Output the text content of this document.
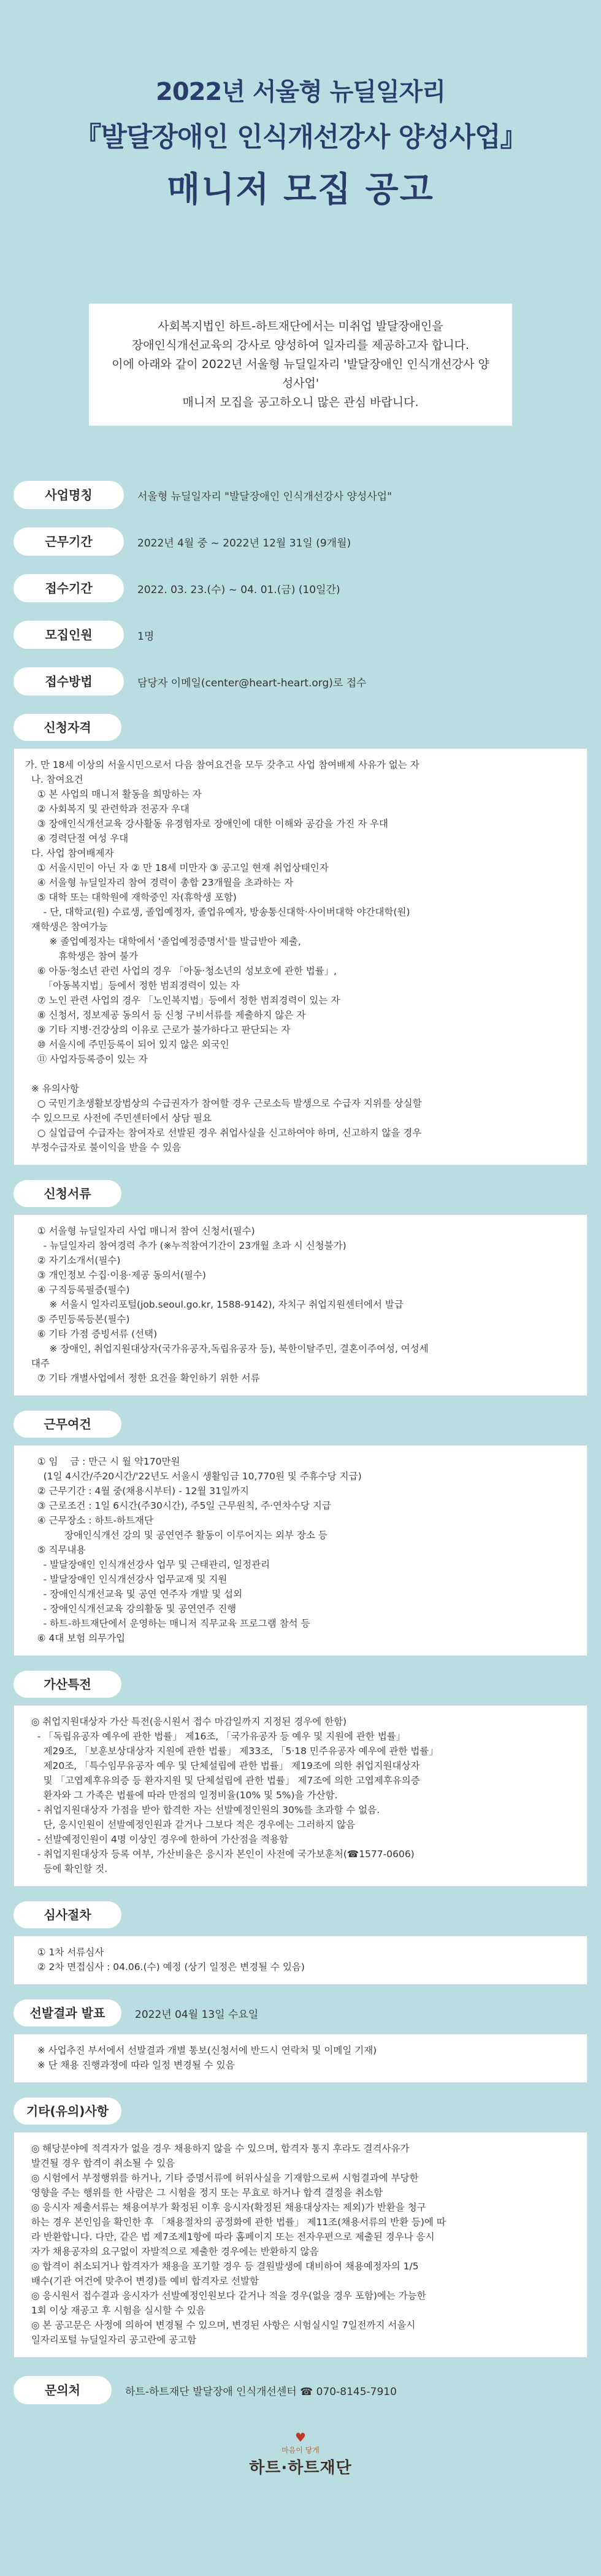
2022년 서울형 뉴딜일자리
『발달장애인 인식개선강사 양성사업』
매니저 모집 공고

사회복지법인 하트-하트재단에서는 미취업 발달장애인을
장애인식개선교육의 강사로 양성하여 일자리를 제공하고자 합니다.
이에 아래와 같이 2022년 서울형 뉴딜일자리 '발달장애인 인식개선강사 양성사업'
매니저 모집을 공고하오니 많은 관심 바랍니다.

사업명칭	서울형 뉴딜일자리 "발달장애인 인식개선강사 양성사업"
근무기간	2022년 4월 중 ~ 2022년 12월 31일 (9개월)
접수기간	2022. 03. 23.(수) ~ 04. 01.(금) (10일간)
모집인원	1명
접수방법	담당자 이메일(center@heart-heart.org)로 접수
신청자격

가. 만 18세 이상의 서울시민으로서 다음 참여요건을 모두 갖추고 사업 참여배제 사유가 없는 자
나. 참여요건
① 본 사업의 매니저 활동을 희망하는 자
② 사회복지 및 관련학과 전공자 우대
③ 장애인식개선교육 강사활동 유경험자로 장애인에 대한 이해와 공감을 가진 자 우대
④ 경력단절 여성 우대
다. 사업 참여배제자
① 서울시민이 아닌 자 ② 만 18세 미만자 ③ 공고일 현재 취업상태인자
④ 서울형 뉴딜일자리 참여 경력이 총합 23개월을 초과하는 자
⑤ 대학 또는 대학원에 재학중인 자(휴학생 포함)
- 단, 대학교(원) 수료생, 졸업예정자, 졸업유예자, 방송통신대학·사이버대학 야간대학(원)
재학생은 참여가능
※ 졸업예정자는 대학에서 '졸업예정증명서'를 발급받아 제출,
휴학생은 참여 불가
⑥ 아동·청소년 관련 사업의 경우 「아동·청소년의 성보호에 관한 법률」,
「아동복지법」등에서 정한 범죄경력이 있는 자
⑦ 노인 관련 사업의 경우 「노인복지법」등에서 정한 범죄경력이 있는 자
⑧ 신청서, 정보제공 동의서 등 신청 구비서류를 제출하지 않은 자
⑨ 기타 지병·건강상의 이유로 근로가 불가하다고 판단되는 자
⑩ 서울시에 주민등록이 되어 있지 않은 외국인
⑪ 사업자등록증이 있는 자

※ 유의사항
○ 국민기초생활보장법상의 수급권자가 참여할 경우 근로소득 발생으로 수급자 지위를 상실할
수 있으므로 사전에 주민센터에서 상담 필요
○ 실업급여 수급자는 참여자로 선발된 경우 취업사실을 신고하여야 하며, 신고하지 않을 경우
부정수급자로 불이익을 받을 수 있음

신청서류

① 서울형 뉴딜일자리 사업 매니저 참여 신청서(필수)
- 뉴딜일자리 참여경력 추가 (※누적참여기간이 23개월 초과 시 신청불가)
② 자기소개서(필수)
③ 개인정보 수집·이용·제공 동의서(필수)
④ 구직등록필증(필수)
※ 서울시 일자리포털(job.seoul.go.kr, 1588-9142), 자치구 취업지원센터에서 발급
⑤ 주민등록등본(필수)
⑥ 기타 가점 증빙서류 (선택)
※ 장애인, 취업지원대상자(국가유공자,독립유공자 등), 북한이탈주민, 결혼이주여성, 여성세
대주
⑦ 기타 개별사업에서 정한 요건을 확인하기 위한 서류

근무여건

① 임    금 : 만근 시 월 약170만원
(1일 4시간/주20시간/'22년도 서울시 생활임금 10,770원 및 주휴수당 지급)
② 근무기간 : 4월 중(채용시부터) - 12월 31일까지
③ 근로조건 : 1일 6시간(주30시간), 주5일 근무원칙, 주·연차수당 지급
④ 근무장소 : 하트-하트재단
장애인식개선 강의 및 공연연주 활동이 이루어지는 외부 장소 등
⑤ 직무내용
- 발달장애인 인식개선강사 업무 및 근태관리, 일정관리
- 발달장애인 인식개선강사 업무교재 및 지원
- 장애인식개선교육 및 공연 연주자 개발 및 섭외
- 장애인식개선교육 강의활동 및 공연연주 진행
- 하트-하트재단에서 운영하는 매니저 직무교육 프로그램 참석 등
⑥ 4대 보험 의무가입

가산특전

◎ 취업지원대상자 가산 특전(응시원서 접수 마감일까지 지정된 경우에 한함)
- 「독립유공자 예우에 관한 법률」 제16조, 「국가유공자 등 예우 및 지원에 관한 법률」
제29조, 「보훈보상대상자 지원에 관한 법률」 제33조, 「5·18 민주유공자 예우에 관한 법률」
제20조, 「특수임무유공자 예우 및 단체설립에 관한 법률」 제19조에 의한 취업지원대상자
및 「고엽제후유의증 등 환자지원 및 단체설립에 관한 법률」 제7조에 의한 고엽제후유의증
환자와 그 가족은 법률에 따라 만점의 일정비율(10% 및 5%)을 가산함.
- 취업지원대상자 가점을 받아 합격한 자는 선발예정인원의 30%를 초과할 수 없음.
단, 응시인원이 선발예정인원과 같거나 그보다 적은 경우에는 그러하지 않음
- 선발예정인원이 4명 이상인 경우에 한하여 가산점을 적용함
- 취업지원대상자 등록 여부, 가산비율은 응시자 본인이 사전에 국가보훈처(☎1577-0606)
등에 확인할 것.

심사절차

① 1차 서류심사
② 2차 면접심사 : 04.06.(수) 예정 (상기 일정은 변경될 수 있음)

선발결과 발표	2022년 04월 13일 수요일

※ 사업추진 부서에서 선발결과 개별 통보(신청서에 반드시 연락처 및 이메일 기재)
※ 단 채용 진행과정에 따라 일정 변경될 수 있음

기타(유의)사항

◎ 해당분야에 적격자가 없을 경우 채용하지 않을 수 있으며, 합격자 통지 후라도 결격사유가
발견될 경우 합격이 취소될 수 있음
◎ 시험에서 부정행위를 하거나, 기타 증명서류에 허위사실을 기재함으로써 시험결과에 부당한
영향을 주는 행위를 한 사람은 그 시험을 정지 또는 무효로 하거나 합격 결정을 취소함
◎ 응시자 제출서류는 채용여부가 확정된 이후 응시자(확정된 채용대상자는 제외)가 반환을 청구
하는 경우 본인임을 확인한 후 「채용절차의 공정화에 관한 법률」 제11조(채용서류의 반환 등)에 따
라 반환합니다. 다만, 같은 법 제7조제1항에 따라 홈페이지 또는 전자우편으로 제출된 경우나 응시
자가 채용공자의 요구없이 자발적으로 제출한 경우에는 반환하지 않음
◎ 합격이 취소되거나 합격자가 채용을 포기할 경우 등 결원발생에 대비하여 채용예정자의 1/5
배수(기관 여건에 맞추어 변경)를 예비 합격자로 선발함
◎ 응시원서 접수결과 응시자가 선발예정인원보다 같거나 적을 경우(없을 경우 포함)에는 가능한
1회 이상 재공고 후 시험을 실시할 수 있음
◎ 본 공고문은 사정에 의하여 변경될 수 있으며, 변경된 사항은 시험실시일 7일전까지 서울시
일자리포털 뉴딜일자리 공고란에 공고함

문의처	하트-하트재단 발달장애 인식개선센터 ☎ 070-8145-7910
♥
마음이 닿게
하트·하트재단
